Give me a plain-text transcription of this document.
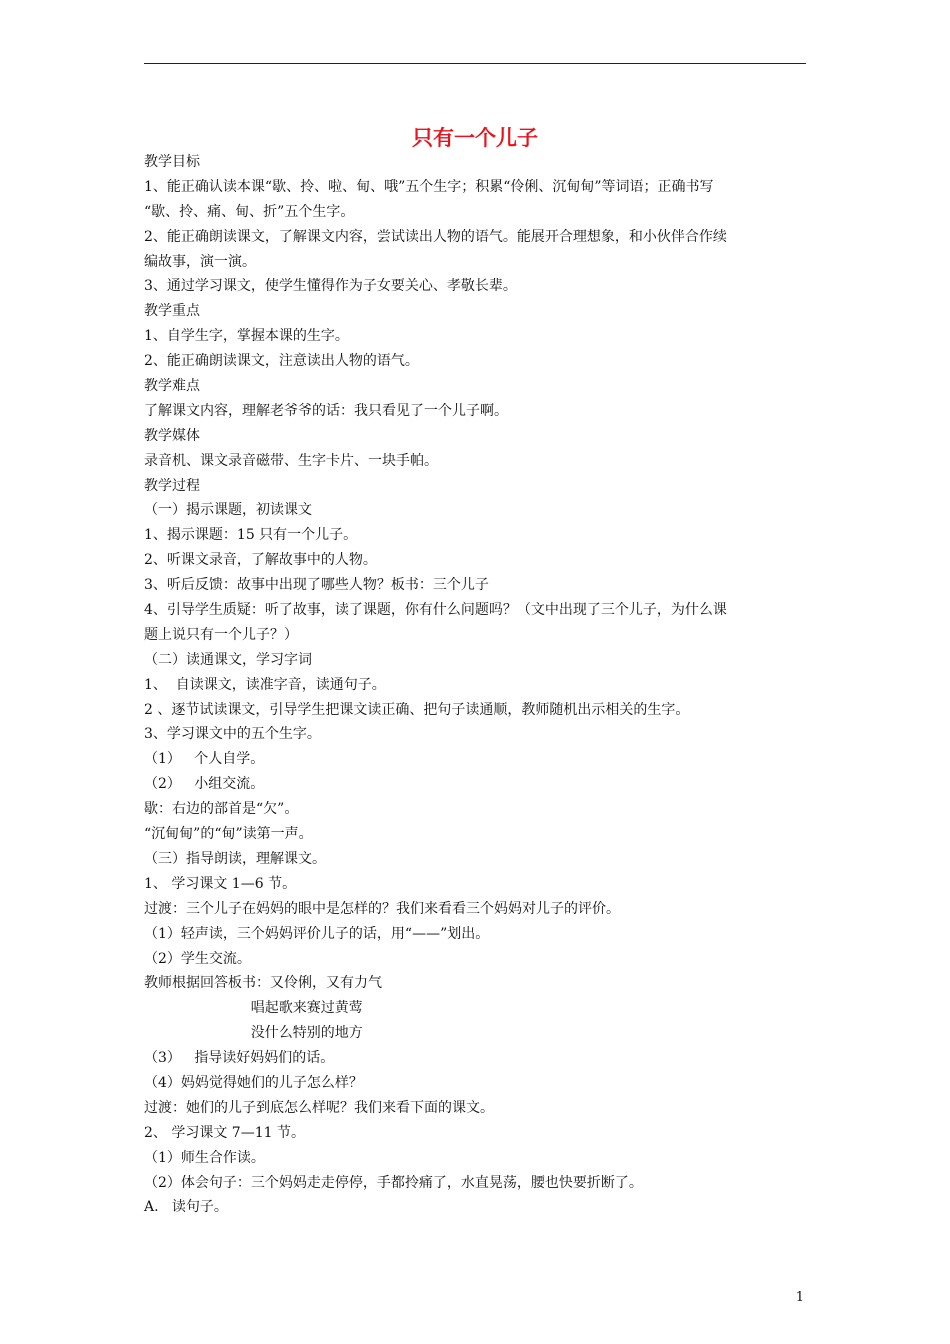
只有一个儿子
教学目标
1、能正确认读本课“歇、拎、啦、甸、哦”五个生字；积累“伶俐、沉甸甸”等词语；正确书写
“歇、拎、痛、甸、折”五个生字。
2、能正确朗读课文，了解课文内容，尝试读出人物的语气。能展开合理想象，和小伙伴合作续
编故事，演一演。
3、通过学习课文，使学生懂得作为子女要关心、孝敬长辈。
教学重点
1、自学生字，掌握本课的生字。
2、能正确朗读课文，注意读出人物的语气。
教学难点
了解课文内容，理解老爷爷的话：我只看见了一个儿子啊。
教学媒体
录音机、课文录音磁带、生字卡片、一块手帕。
教学过程
（一）揭示课题，初读课文
1、揭示课题：15 只有一个儿子。
2、听课文录音，了解故事中的人物。
3、听后反馈：故事中出现了哪些人物？板书：三个儿子
4、引导学生质疑：听了故事，读了课题，你有什么问题吗？（文中出现了三个儿子，为什么课
题上说只有一个儿子？）
（二）读通课文，学习字词
1、  自读课文，读准字音，读通句子。
2 、逐节试读课文，引导学生把课文读正确、把句子读通顺，教师随机出示相关的生字。
3、学习课文中的五个生字。
（1）   个人自学。
（2）   小组交流。
歇：右边的部首是“欠”。
“沉甸甸”的“甸”读第一声。
（三）指导朗读，理解课文。
1、 学习课文 1—6 节。
过渡：三个儿子在妈妈的眼中是怎样的？我们来看看三个妈妈对儿子的评价。
（1）轻声读，三个妈妈评价儿子的话，用“——”划出。
（2）学生交流。
教师根据回答板书：又伶俐，又有力气
唱起歌来赛过黄莺
没什么特别的地方
（3）   指导读好妈妈们的话。
（4）妈妈觉得她们的儿子怎么样？
过渡：她们的儿子到底怎么样呢？我们来看下面的课文。
2、 学习课文 7—11 节。
（1）师生合作读。
（2）体会句子：三个妈妈走走停停，手都拎痛了，水直晃荡，腰也快要折断了。
A.   读句子。
1
